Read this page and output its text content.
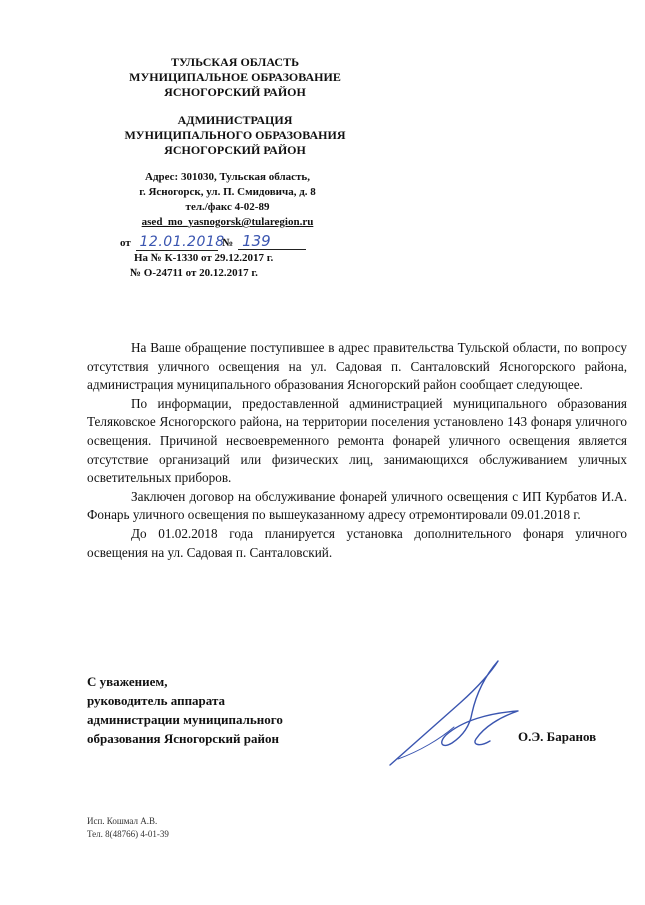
ТУЛЬСКАЯ ОБЛАСТЬ
МУНИЦИПАЛЬНОЕ ОБРАЗОВАНИЕ
ЯСНОГОРСКИЙ РАЙОН
АДМИНИСТРАЦИЯ
МУНИЦИПАЛЬНОГО ОБРАЗОВАНИЯ
ЯСНОГОРСКИЙ РАЙОН
Адрес: 301030, Тульская область,
г. Ясногорск, ул. П. Смидовича, д. 8
тел./факс 4-02-89
ased_mo_yasnogorsk@tularegion.ru
от 12.01.2018 № 139
На № К-1330 от 29.12.2017 г.
№ О-24711 от 20.12.2017 г.

На Ваше обращение поступившее в адрес правительства Тульской области, по вопросу отсутствия уличного освещения на ул. Садовая п. Санталовский Ясногорского района, администрация муниципального образования Ясногорский район сообщает следующее.

По информации, предоставленной администрацией муниципального образования Теляковское Ясногорского района, на территории поселения установлено 143 фонаря уличного освещения. Причиной несвоевременного ремонта фонарей уличного освещения является отсутствие организаций или физических лиц, занимающихся обслуживанием уличных осветительных приборов.

Заключен договор на обслуживание фонарей уличного освещения с ИП Курбатов И.А. Фонарь уличного освещения по вышеуказанному адресу отремонтировали 09.01.2018 г.

До 01.02.2018 года планируется установка дополнительного фонаря уличного освещения на ул. Садовая п. Санталовский.

С уважением,
руководитель аппарата
администрации муниципального
образования Ясногорский район	О.Э. Баранов
Исп. Кошмал А.В.
Тел. 8(48766) 4-01-39
